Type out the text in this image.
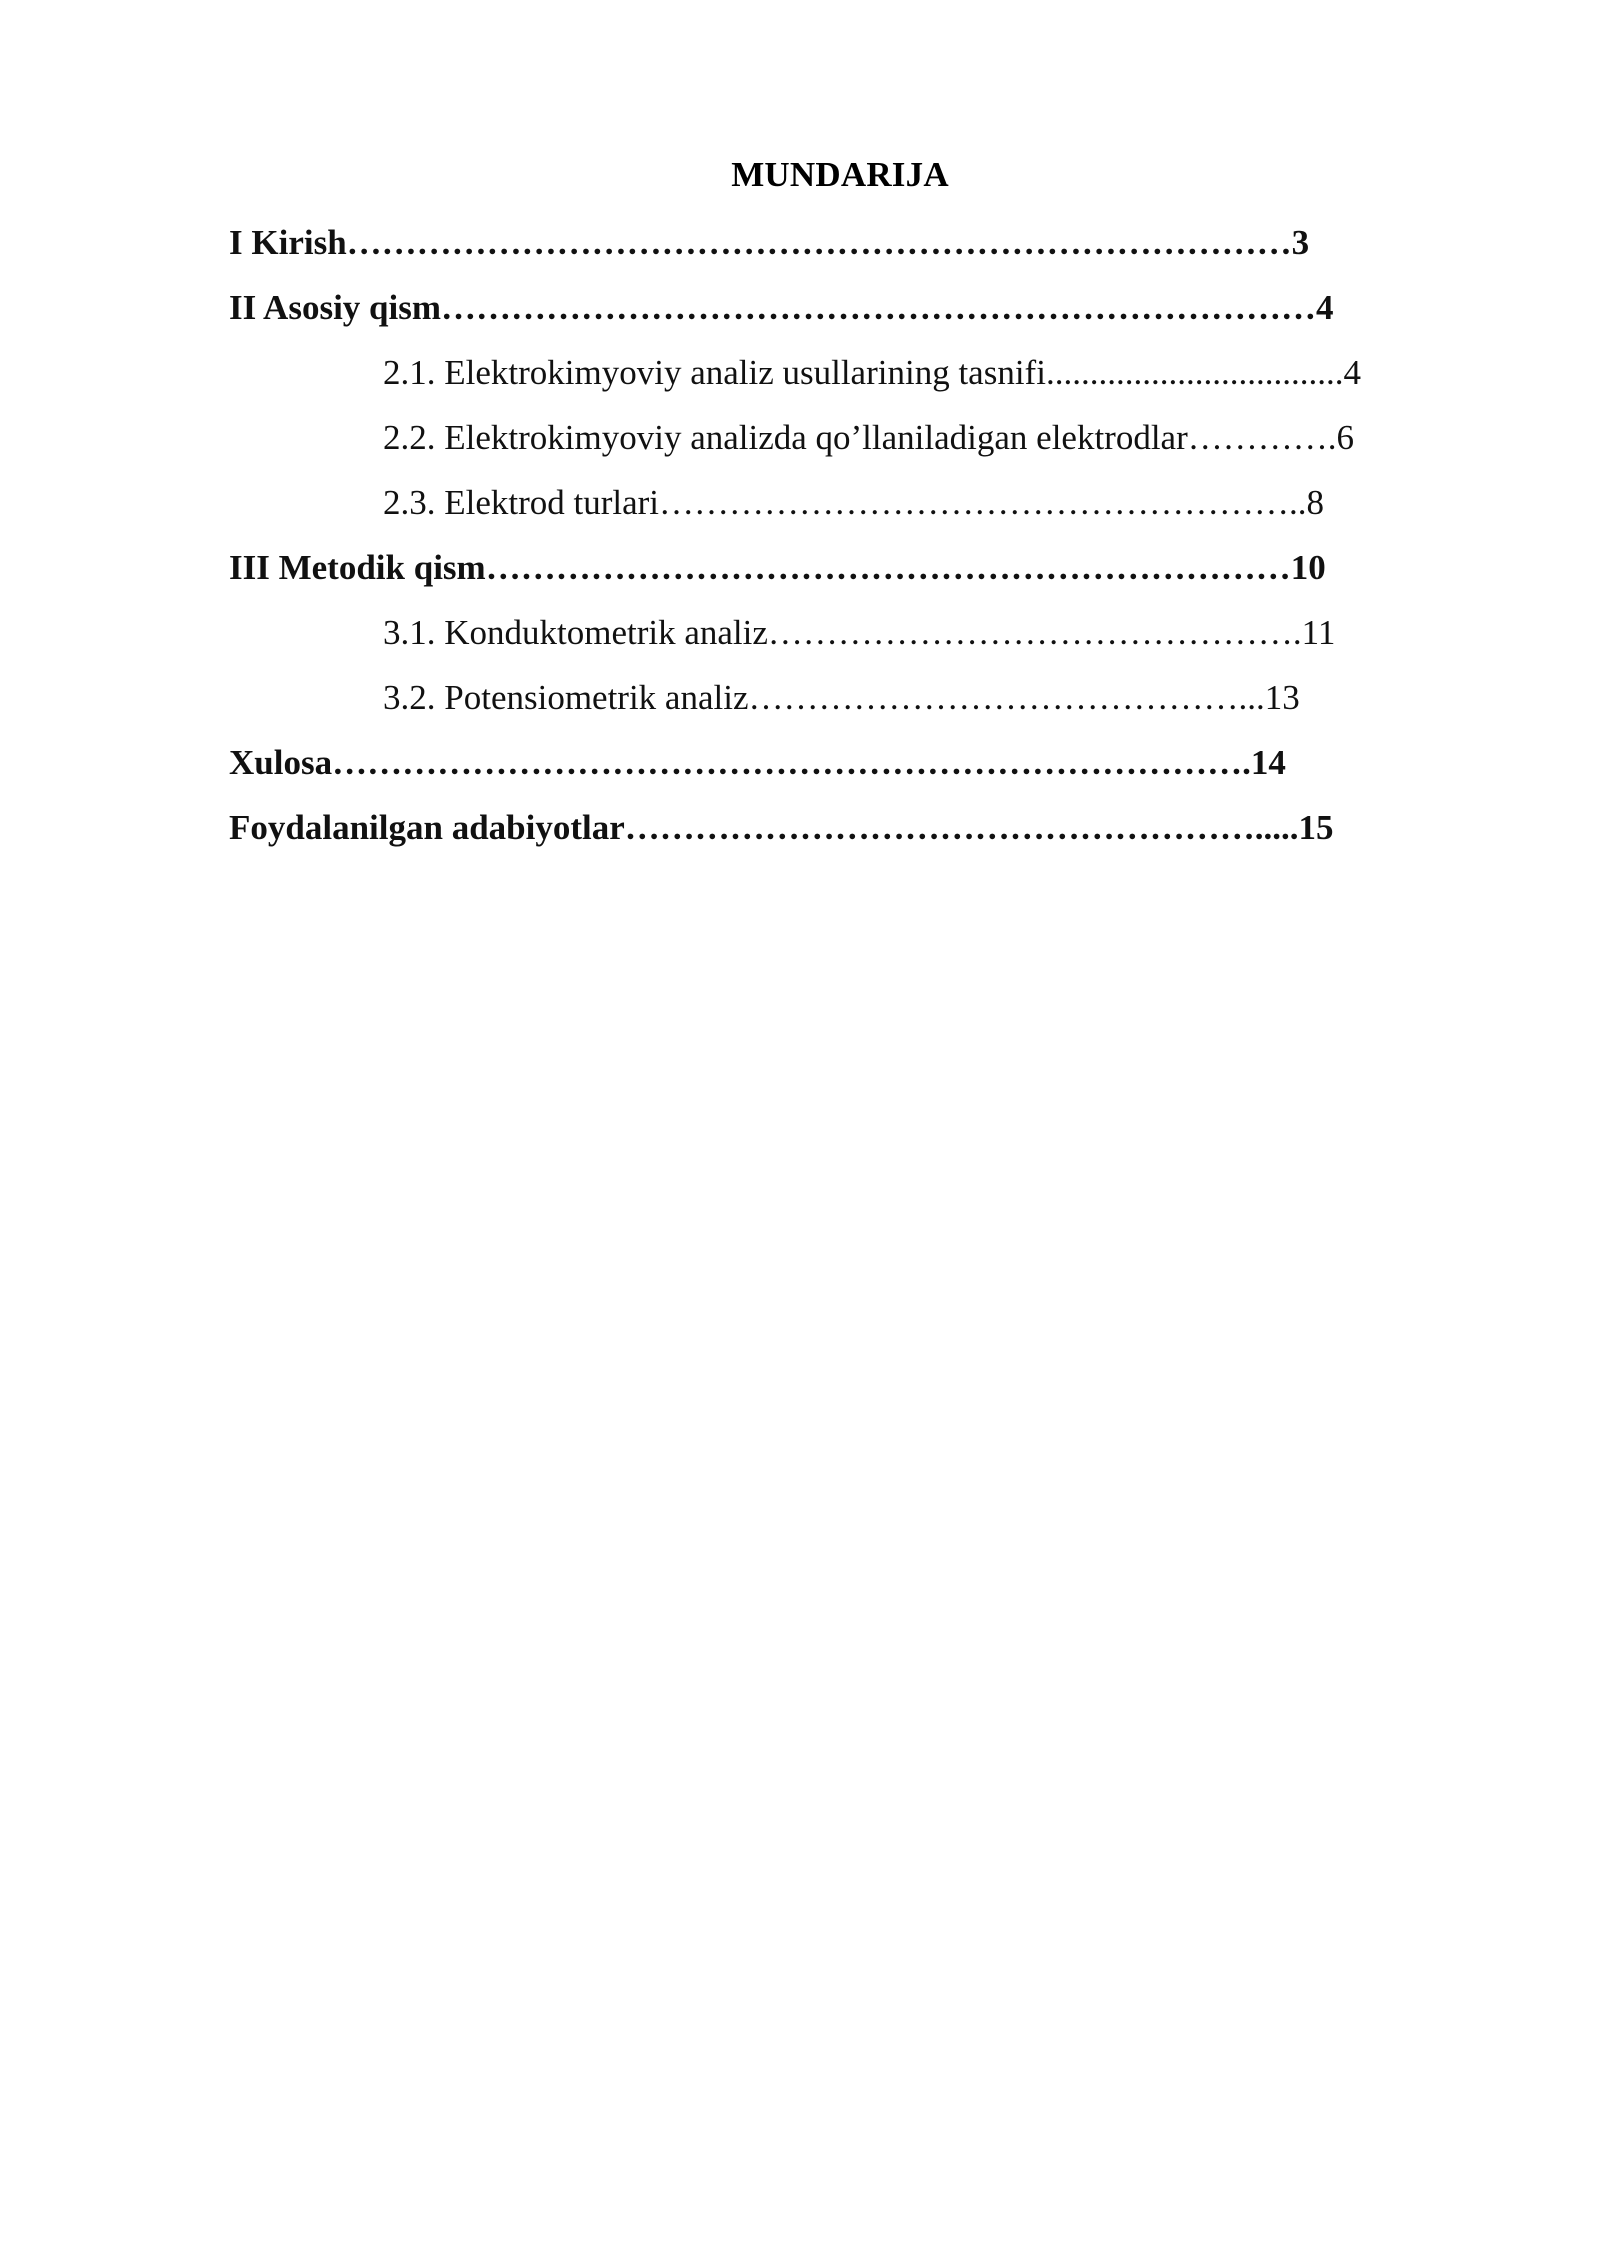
MUNDARIJA
I Kirish………………………………………………………………………3
II Asosiy qism…………………………………………………………………4
2.1. Elektrokimyoviy analiz usullarining tasnifi..................................4
2.2. Elektrokimyoviy analizda qo’llaniladigan elektrodlar………….6
2.3. Elektrod turlari………………………………………………..8
III Metodik qism……………………………………………………………10
3.1. Konduktometrik analiz……………………………………….11
3.2. Potensiometrik analiz……………………………………...13
Xulosa…………………………………………………………………….14
Foydalanilgan adabiyotlar……………………………………………….....15
